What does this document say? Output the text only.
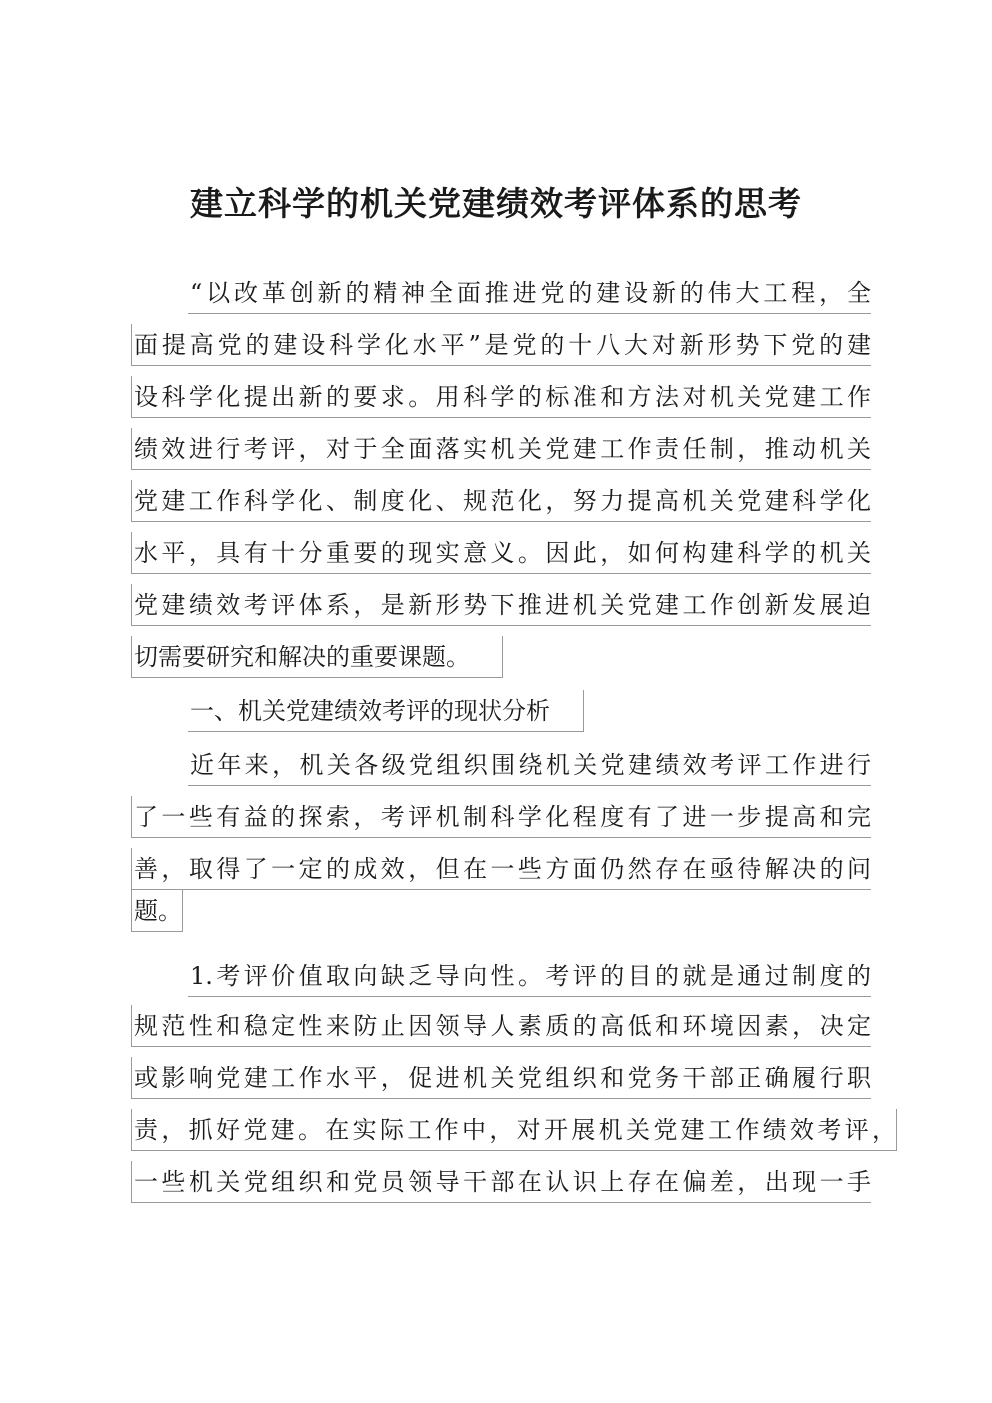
建立科学的机关党建绩效考评体系的思考
“以改革创新的精神全面推进党的建设新的伟大工程，全
面提高党的建设科学化水平”是党的十八大对新形势下党的建
设科学化提出新的要求。用科学的标准和方法对机关党建工作
绩效进行考评，对于全面落实机关党建工作责任制，推动机关
党建工作科学化、制度化、规范化，努力提高机关党建科学化
水平，具有十分重要的现实意义。因此，如何构建科学的机关
党建绩效考评体系，是新形势下推进机关党建工作创新发展迫
切需要研究和解决的重要课题。
一、机关党建绩效考评的现状分析
近年来，机关各级党组织围绕机关党建绩效考评工作进行
了一些有益的探索，考评机制科学化程度有了进一步提高和完
善，取得了一定的成效，但在一些方面仍然存在亟待解决的问
题。
1.考评价值取向缺乏导向性。考评的目的就是通过制度的
规范性和稳定性来防止因领导人素质的高低和环境因素，决定
或影响党建工作水平，促进机关党组织和党务干部正确履行职
责，抓好党建。在实际工作中，对开展机关党建工作绩效考评，
一些机关党组织和党员领导干部在认识上存在偏差，出现一手
